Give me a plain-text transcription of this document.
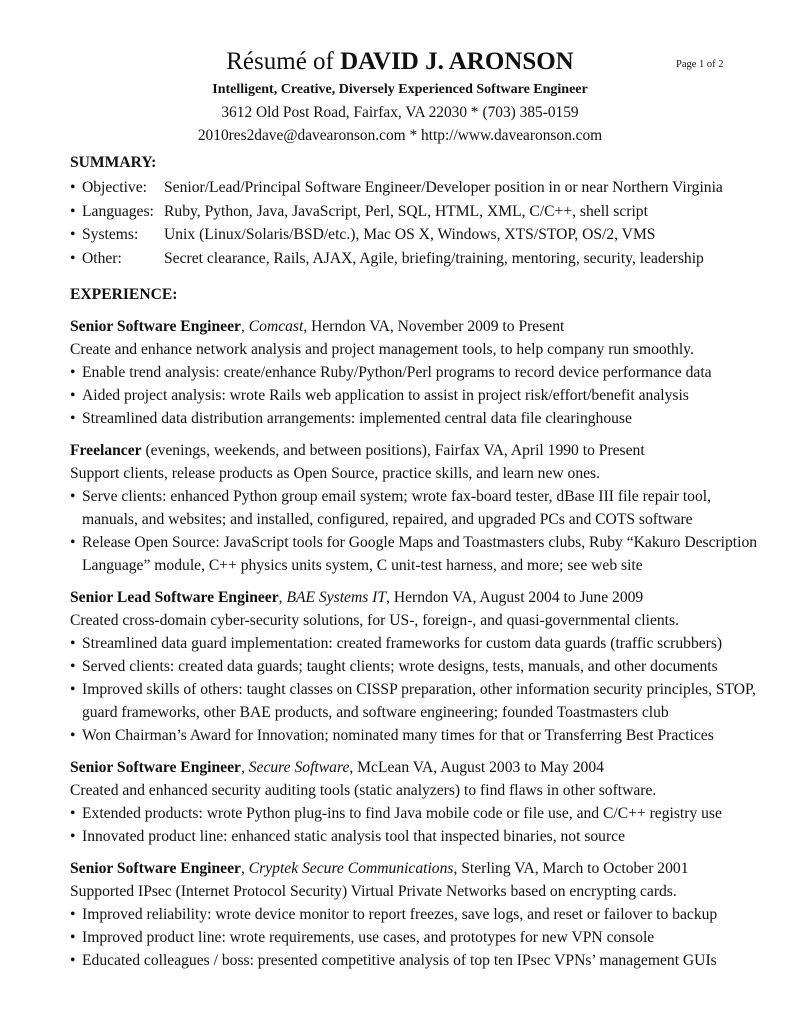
Page 1 of 2
Résumé of DAVID J. ARONSON
Intelligent, Creative, Diversely Experienced Software Engineer
3612 Old Post Road, Fairfax, VA 22030 * (703) 385-0159
2010res2dave@davearonson.com * http://www.davearonson.com
SUMMARY:
• Objective: Senior/Lead/Principal Software Engineer/Developer position in or near Northern Virginia
• Languages: Ruby, Python, Java, JavaScript, Perl, SQL, HTML, XML, C/C++, shell script
• Systems: Unix (Linux/Solaris/BSD/etc.), Mac OS X, Windows, XTS/STOP, OS/2, VMS
• Other:	Secret clearance, Rails, AJAX, Agile, briefing/training, mentoring, security, leadership
EXPERIENCE:
Senior Software Engineer, Comcast, Herndon VA, November 2009 to Present
Create and enhance network analysis and project management tools, to help company run smoothly.
• Enable trend analysis: create/enhance Ruby/Python/Perl programs to record device performance data
• Aided project analysis: wrote Rails web application to assist in project risk/effort/benefit analysis
• Streamlined data distribution arrangements: implemented central data file clearinghouse
Freelancer (evenings, weekends, and between positions), Fairfax VA, April 1990 to Present
Support clients, release products as Open Source, practice skills, and learn new ones.
• Serve clients: enhanced Python group email system; wrote fax-board tester, dBase III file repair tool, manuals, and websites; and installed, configured, repaired, and upgraded PCs and COTS software
• Release Open Source: JavaScript tools for Google Maps and Toastmasters clubs, Ruby “Kakuro Description Language” module, C++ physics units system, C unit-test harness, and more; see web site
Senior Lead Software Engineer, BAE Systems IT, Herndon VA, August 2004 to June 2009
Created cross-domain cyber-security solutions, for US-, foreign-, and quasi-governmental clients.
• Streamlined data guard implementation: created frameworks for custom data guards (traffic scrubbers)
• Served clients: created data guards; taught clients; wrote designs, tests, manuals, and other documents
• Improved skills of others: taught classes on CISSP preparation, other information security principles, STOP, guard frameworks, other BAE products, and software engineering; founded Toastmasters club
• Won Chairman’s Award for Innovation; nominated many times for that or Transferring Best Practices
Senior Software Engineer, Secure Software, McLean VA, August 2003 to May 2004
Created and enhanced security auditing tools (static analyzers) to find flaws in other software.
• Extended products: wrote Python plug-ins to find Java mobile code or file use, and C/C++ registry use
• Innovated product line: enhanced static analysis tool that inspected binaries, not source
Senior Software Engineer, Cryptek Secure Communications, Sterling VA, March to October 2001
Supported IPsec (Internet Protocol Security) Virtual Private Networks based on encrypting cards.
• Improved reliability: wrote device monitor to report freezes, save logs, and reset or failover to backup
• Improved product line: wrote requirements, use cases, and prototypes for new VPN console
• Educated colleagues / boss: presented competitive analysis of top ten IPsec VPNs’ management GUIs
